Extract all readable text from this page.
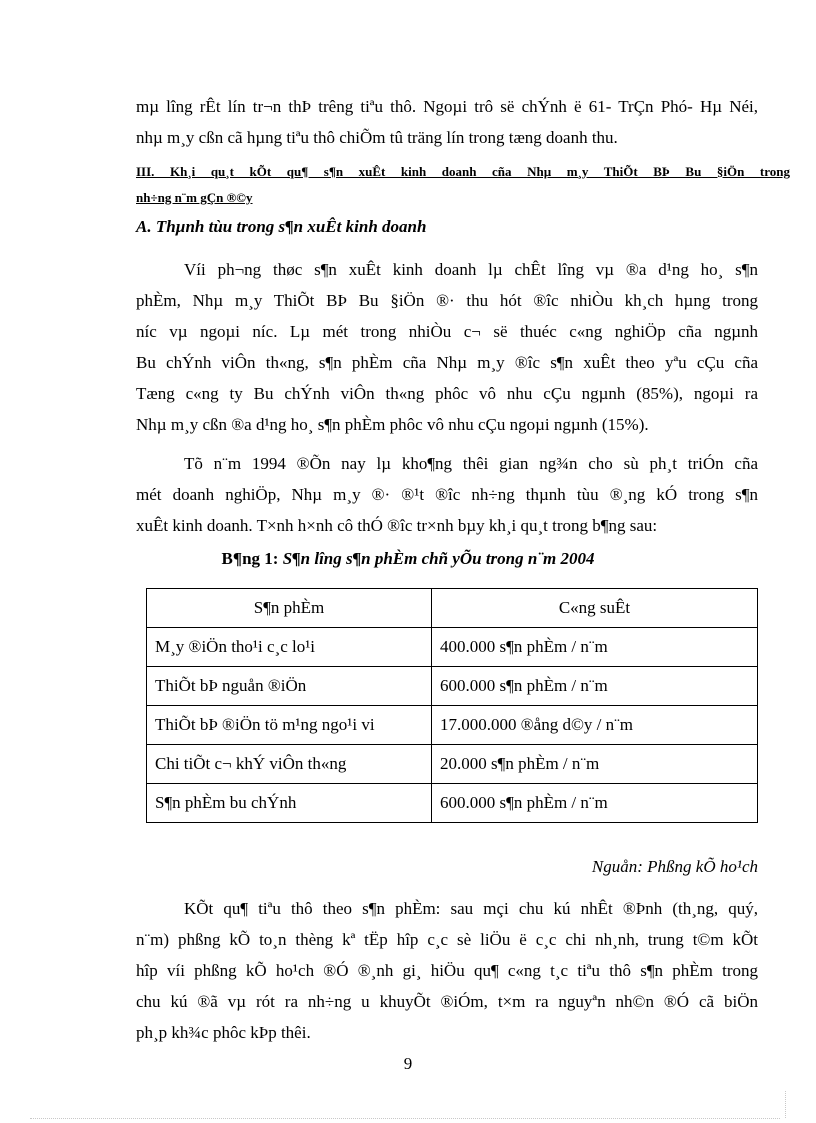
mµ lîng rÊt lín tr¬n thÞ trêng tiªu thô. Ngoµi trô së chÝnh ë 61- TrÇn Phó- Hµ Néi,
nhµ m¸y cßn cã hµng tiªu thô chiÕm tû träng lín trong tæng doanh thu.

III. Kh¸i qu¸t kÕt qu¶ s¶n xuÊt kinh doanh cña Nhµ m¸y ThiÕt BÞ Bu §iÖn trong
nh÷ng n¨m gÇn ®©y

A. Thµnh tùu trong s¶n xuÊt kinh doanh

Víi ph¬ng thøc s¶n xuÊt kinh doanh lµ chÊt lîng vµ ®a d¹ng ho¸ s¶n
phÈm, Nhµ m¸y ThiÕt BÞ Bu §iÖn ®· thu hót ®îc nhiÒu kh¸ch hµng trong
níc vµ ngoµi níc. Lµ mét trong nhiÒu c¬ së thuéc c«ng nghiÖp cña ngµnh
Bu chÝnh viÔn th«ng, s¶n phÈm cña Nhµ m¸y ®îc s¶n xuÊt theo yªu cÇu cña
Tæng c«ng ty Bu chÝnh viÔn th«ng phôc vô nhu cÇu ngµnh (85%), ngoµi ra
Nhµ m¸y cßn ®a d¹ng ho¸ s¶n phÈm phôc vô nhu cÇu ngoµi ngµnh (15%).

Tõ n¨m 1994 ®Õn nay lµ kho¶ng thêi gian ng¾n cho sù ph¸t triÓn cña
mét doanh nghiÖp, Nhµ m¸y ®· ®¹t ®îc nh÷ng thµnh tùu ®¸ng kÓ trong s¶n
xuÊt kinh doanh. T×nh h×nh cô thÓ ®îc tr×nh bµy kh¸i qu¸t trong b¶ng sau:

B¶ng 1: S¶n lîng s¶n phÈm chñ yÕu trong n¨m 2004

S¶n phÈm	C«ng suÊt
M¸y ®iÖn tho¹i c¸c lo¹i	400.000 s¶n phÈm / n¨m
ThiÕt bÞ nguån ®iÖn	600.000 s¶n phÈm / n¨m
ThiÕt bÞ ®iÖn tö m¹ng ngo¹i vi	17.000.000 ®ång d©y / n¨m
Chi tiÕt c¬ khÝ viÔn th«ng	20.000 s¶n phÈm / n¨m
S¶n phÈm bu chÝnh	600.000 s¶n phÈm / n¨m

Nguån: Phßng kÕ ho¹ch

KÕt qu¶ tiªu thô theo s¶n phÈm: sau mçi chu kú nhÊt ®Þnh (th¸ng, quý,
n¨m) phßng kÕ to¸n thèng kª tËp hîp c¸c sè liÖu ë c¸c chi nh¸nh, trung t©m kÕt
hîp víi phßng kÕ ho¹ch ®Ó ®¸nh gi¸ hiÖu qu¶ c«ng t¸c tiªu thô s¶n phÈm trong
chu kú ®ã vµ rót ra nh÷ng u khuyÕt ®iÓm, t×m ra nguyªn nh©n ®Ó cã biÖn
ph¸p kh¾c phôc kÞp thêi.

9
